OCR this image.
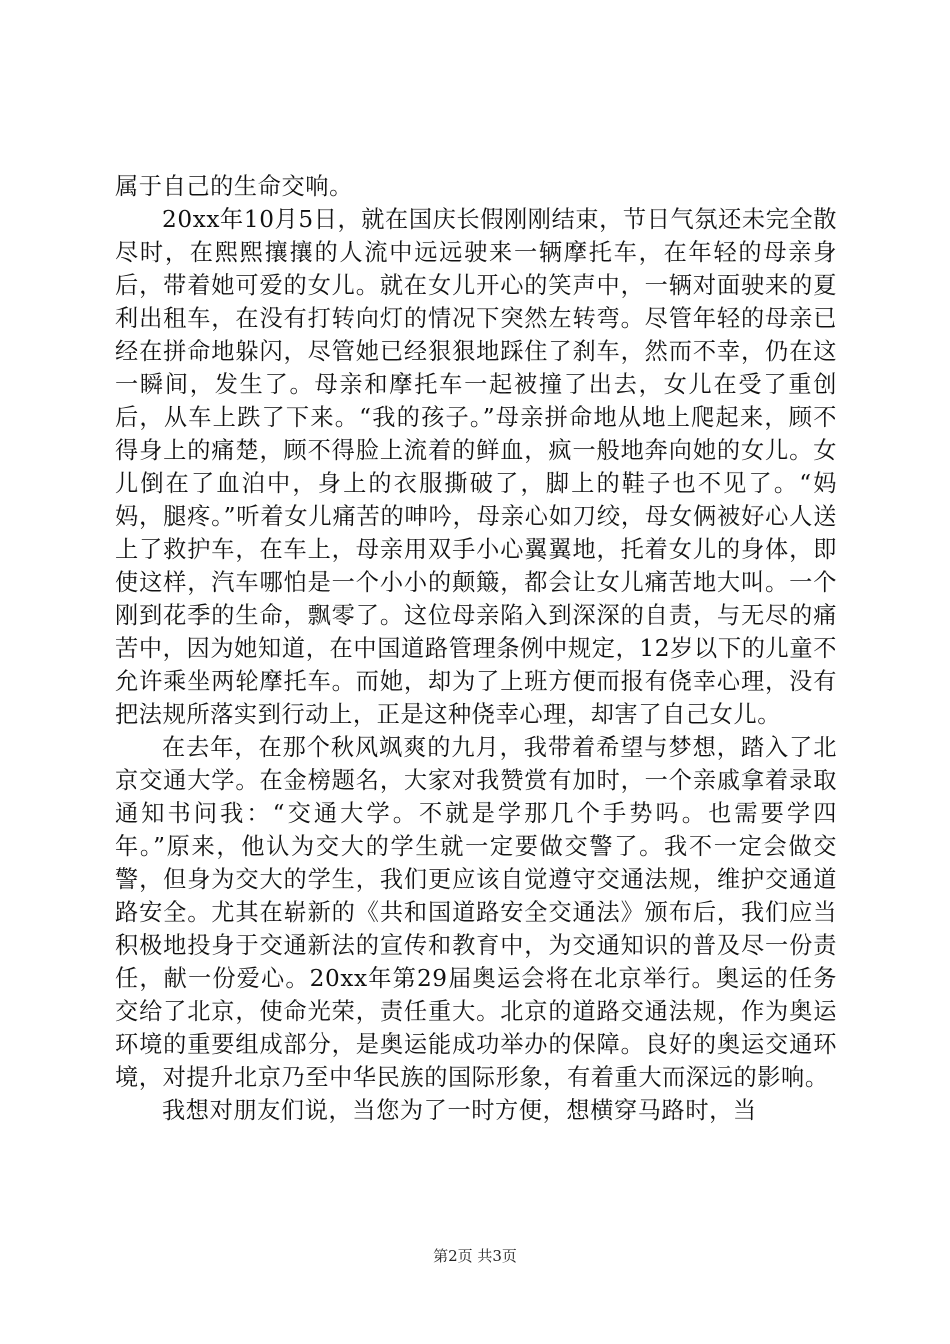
属于自己的生命交响。

20xx年10月5日，就在国庆长假刚刚结束，节日气氛还未完全散尽时，在熙熙攘攘的人流中远远驶来一辆摩托车，在年轻的母亲身后，带着她可爱的女儿。就在女儿开心的笑声中，一辆对面驶来的夏利出租车，在没有打转向灯的情况下突然左转弯。尽管年轻的母亲已经在拼命地躲闪，尽管她已经狠狠地踩住了刹车，然而不幸，仍在这一瞬间，发生了。母亲和摩托车一起被撞了出去，女儿在受了重创后，从车上跌了下来。“我的孩子。”母亲拼命地从地上爬起来，顾不得身上的痛楚，顾不得脸上流着的鲜血，疯一般地奔向她的女儿。女儿倒在了血泊中，身上的衣服撕破了，脚上的鞋子也不见了。“妈妈，腿疼。”听着女儿痛苦的呻吟，母亲心如刀绞，母女俩被好心人送上了救护车，在车上，母亲用双手小心翼翼地，托着女儿的身体，即使这样，汽车哪怕是一个小小的颠簸，都会让女儿痛苦地大叫。一个刚到花季的生命，飘零了。这位母亲陷入到深深的自责，与无尽的痛苦中，因为她知道，在中国道路管理条例中规定，12岁以下的儿童不允许乘坐两轮摩托车。而她，却为了上班方便而报有侥幸心理，没有把法规所落实到行动上，正是这种侥幸心理，却害了自己女儿。

在去年，在那个秋风飒爽的九月，我带着希望与梦想，踏入了北京交通大学。在金榜题名，大家对我赞赏有加时，一个亲戚拿着录取通知书问我：“交通大学。不就是学那几个手势吗。也需要学四年。”原来，他认为交大的学生就一定要做交警了。我不一定会做交警，但身为交大的学生，我们更应该自觉遵守交通法规，维护交通道路安全。尤其在崭新的《共和国道路安全交通法》颁布后，我们应当积极地投身于交通新法的宣传和教育中，为交通知识的普及尽一份责任，献一份爱心。20xx年第29届奥运会将在北京举行。奥运的任务交给了北京，使命光荣，责任重大。北京的道路交通法规，作为奥运环境的重要组成部分，是奥运能成功举办的保障。良好的奥运交通环境，对提升北京乃至中华民族的国际形象，有着重大而深远的影响。

我想对朋友们说，当您为了一时方便，想横穿马路时，当

第2页 共3页
